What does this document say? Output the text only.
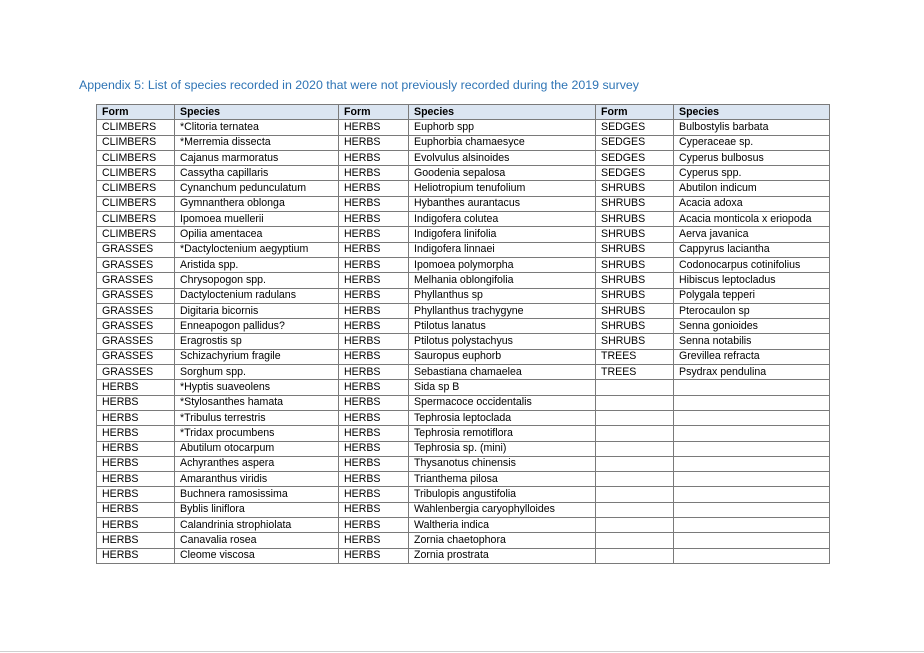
Appendix 5: List of species recorded in 2020 that were not previously recorded during the 2019 survey
Form	Species	Form	Species	Form	Species
CLIMBERS	*Clitoria ternatea	HERBS	Euphorb spp	SEDGES	Bulbostylis barbata
CLIMBERS	*Merremia dissecta	HERBS	Euphorbia chamaesyce	SEDGES	Cyperaceae sp.
CLIMBERS	Cajanus marmoratus	HERBS	Evolvulus alsinoides	SEDGES	Cyperus bulbosus
CLIMBERS	Cassytha capillaris	HERBS	Goodenia sepalosa	SEDGES	Cyperus spp.
CLIMBERS	Cynanchum pedunculatum	HERBS	Heliotropium tenufolium	SHRUBS	Abutilon indicum
CLIMBERS	Gymnanthera oblonga	HERBS	Hybanthes aurantacus	SHRUBS	Acacia adoxa
CLIMBERS	Ipomoea muellerii	HERBS	Indigofera colutea	SHRUBS	Acacia monticola x eriopoda
CLIMBERS	Opilia amentacea	HERBS	Indigofera linifolia	SHRUBS	Aerva javanica
GRASSES	*Dactyloctenium aegyptium	HERBS	Indigofera linnaei	SHRUBS	Cappyrus laciantha
GRASSES	Aristida spp.	HERBS	Ipomoea polymorpha	SHRUBS	Codonocarpus cotinifolius
GRASSES	Chrysopogon spp.	HERBS	Melhania oblongifolia	SHRUBS	Hibiscus leptocladus
GRASSES	Dactyloctenium radulans	HERBS	Phyllanthus sp	SHRUBS	Polygala tepperi
GRASSES	Digitaria bicornis	HERBS	Phyllanthus trachygyne	SHRUBS	Pterocaulon sp
GRASSES	Enneapogon pallidus?	HERBS	Ptilotus lanatus	SHRUBS	Senna gonioides
GRASSES	Eragrostis sp	HERBS	Ptilotus polystachyus	SHRUBS	Senna notabilis
GRASSES	Schizachyrium fragile	HERBS	Sauropus euphorb	TREES	Grevillea refracta
GRASSES	Sorghum spp.	HERBS	Sebastiana chamaelea	TREES	Psydrax pendulina
HERBS	*Hyptis suaveolens	HERBS	Sida sp B		
HERBS	*Stylosanthes hamata	HERBS	Spermacoce occidentalis		
HERBS	*Tribulus terrestris	HERBS	Tephrosia leptoclada		
HERBS	*Tridax procumbens	HERBS	Tephrosia remotiflora		
HERBS	Abutilum otocarpum	HERBS	Tephrosia sp. (mini)		
HERBS	Achyranthes aspera	HERBS	Thysanotus chinensis		
HERBS	Amaranthus viridis	HERBS	Trianthema pilosa		
HERBS	Buchnera ramosissima	HERBS	Tribulopis angustifolia		
HERBS	Byblis liniflora	HERBS	Wahlenbergia caryophylloides		
HERBS	Calandrinia strophiolata	HERBS	Waltheria indica		
HERBS	Canavalia rosea	HERBS	Zornia chaetophora		
HERBS	Cleome viscosa	HERBS	Zornia prostrata		
